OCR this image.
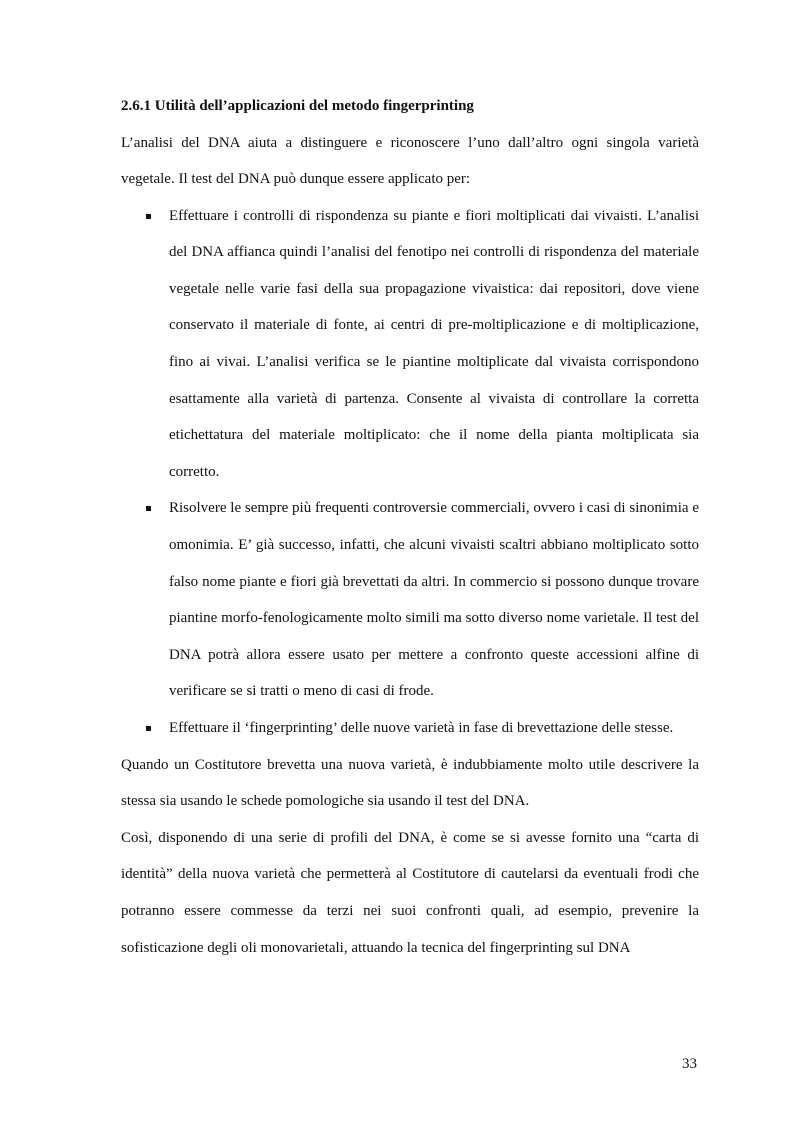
2.6.1 Utilità dell’applicazioni del metodo fingerprinting

L’analisi del DNA aiuta a distinguere e riconoscere l’uno dall’altro ogni singola varietà vegetale. Il test del DNA può dunque essere applicato per:

Effettuare i controlli di rispondenza su piante e fiori moltiplicati dai vivaisti. L’analisi del DNA affianca quindi l’analisi del fenotipo nei controlli di rispondenza del materiale vegetale nelle varie fasi della sua propagazione vivaistica: dai repositori, dove viene conservato il materiale di fonte, ai centri di pre-moltiplicazione e di moltiplicazione, fino ai vivai. L’analisi verifica se le piantine moltiplicate dal vivaista corrispondono esattamente alla varietà di partenza. Consente al vivaista di controllare la corretta etichettatura del materiale moltiplicato: che il nome della pianta moltiplicata sia corretto.
Risolvere le sempre più frequenti controversie commerciali, ovvero i casi di sinonimia e omonimia. E’ già successo, infatti, che alcuni vivaisti scaltri abbiano moltiplicato sotto falso nome piante e fiori già brevettati da altri. In commercio si possono dunque trovare piantine morfo-fenologicamente molto simili ma sotto diverso nome varietale. Il test del DNA potrà allora essere usato per mettere a confronto queste accessioni alfine di verificare se si tratti o meno di casi di frode.
Effettuare il ‘fingerprinting’ delle nuove varietà in fase di brevettazione delle stesse.

Quando un Costitutore brevetta una nuova varietà, è indubbiamente molto utile descrivere la stessa sia usando le schede pomologiche sia usando il test del DNA.

Così, disponendo di una serie di profili del DNA, è come se si avesse fornito una “carta di identità” della nuova varietà che permetterà al Costitutore di cautelarsi da eventuali frodi che potranno essere commesse da terzi nei suoi confronti quali, ad esempio, prevenire la sofisticazione degli oli monovarietali, attuando la tecnica del fingerprinting sul DNA

33
